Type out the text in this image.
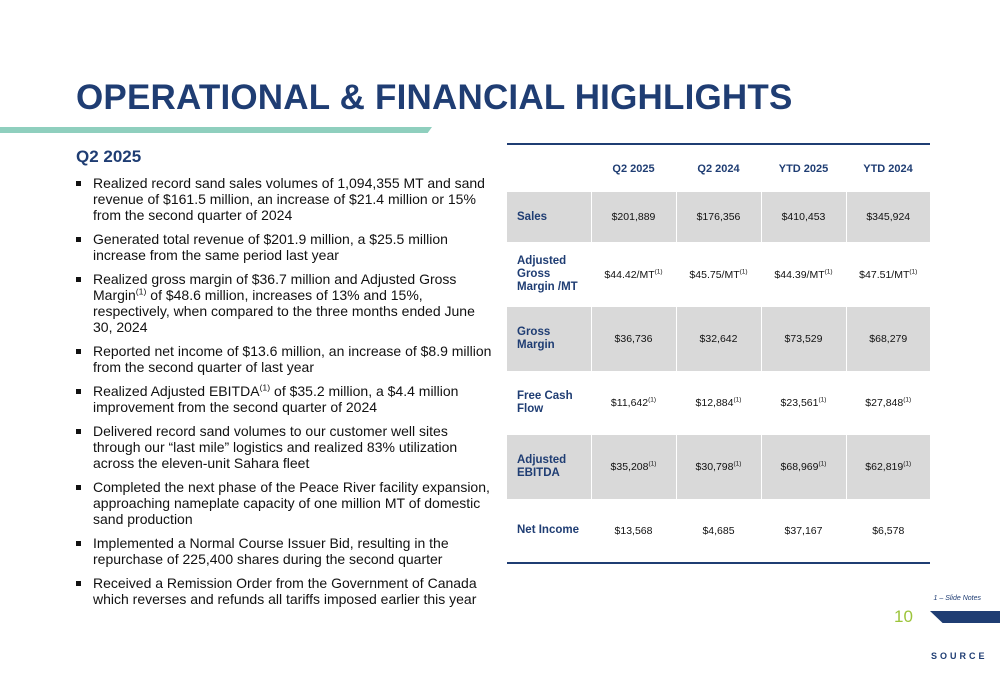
OPERATIONAL & FINANCIAL HIGHLIGHTS
Q2 2025
Realized record sand sales volumes of 1,094,355 MT and sand revenue of $161.5 million, an increase of $21.4 million or 15% from the second quarter of 2024
Generated total revenue of $201.9 million, a $25.5 million increase from the same period last year
Realized gross margin of $36.7 million and Adjusted Gross Margin$^{(1)}$ of $48.6 million, increases of 13% and 15%, respectively, when compared to the three months ended June 30, 2024
Reported net income of $13.6 million, an increase of $8.9 million from the second quarter of last year
Realized Adjusted EBITDA$^{(1)}$ of $35.2 million, a $4.4 million improvement from the second quarter of 2024
Delivered record sand volumes to our customer well sites through our “last mile” logistics and realized 83% utilization across the eleven-unit Sahara fleet
Completed the next phase of the Peace River facility expansion, approaching nameplate capacity of one million MT of domestic sand production
Implemented a Normal Course Issuer Bid, resulting in the repurchase of 225,400 shares during the second quarter
Received a Remission Order from the Government of Canada which reverses and refunds all tariffs imposed earlier this year
	Q2 2025	Q2 2024	YTD 2025	YTD 2024
Sales	$201,889	$176,356	$410,453	$345,924
Adjusted Gross Margin /MT	$44.42/MT$^{(1)}$	$45.75/MT$^{(1)}$	$44.39/MT$^{(1)}$	$47.51/MT$^{(1)}$
Gross Margin	$36,736	$32,642	$73,529	$68,279
Free Cash Flow	$11,642$^{(1)}$	$12,884$^{(1)}$	$23,561$^{(1)}$	$27,848$^{(1)}$
Adjusted EBITDA	$35,208$^{(1)}$	$30,798$^{(1)}$	$68,969$^{(1)}$	$62,819$^{(1)}$
Net Income	$13,568	$4,685	$37,167	$6,578
1 – Slide Notes
10
SOURCE
